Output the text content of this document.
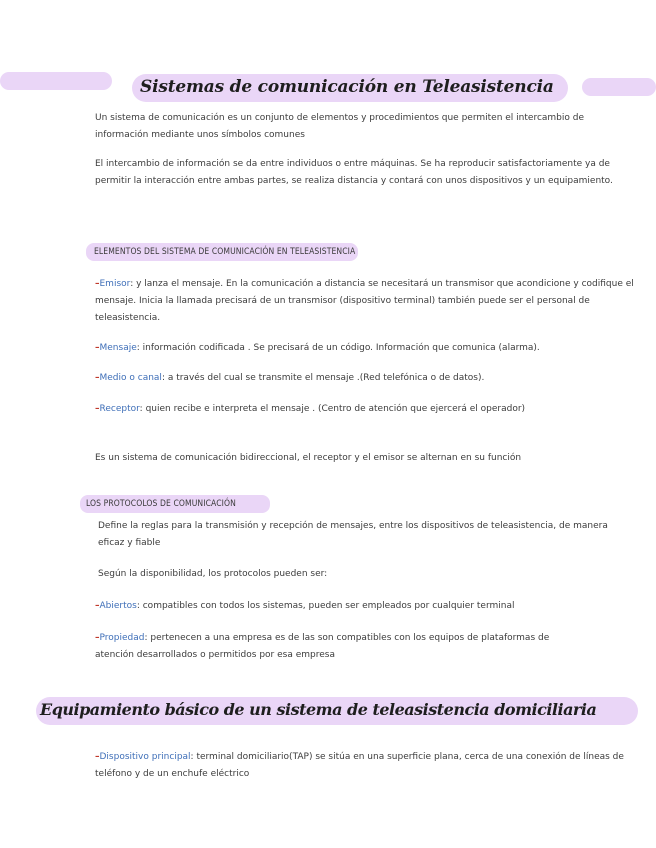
Sistemas de comunicación en Teleasistencia
Un sistema de comunicación es un conjunto de elementos y procedimientos que permiten el intercambio de información mediante unos símbolos comunes
El intercambio de información se da entre individuos o entre máquinas. Se ha reproducir satisfactoriamente ya de permitir la interacción entre ambas partes, se realiza distancia y contará con unos dispositivos y un equipamiento.
ELEMENTOS DEL SISTEMA DE COMUNICACIÓN EN TELEASISTENCIA
–Emisor: y lanza el mensaje. En la comunicación a distancia se necesitará un transmisor que acondicione y codifique el mensaje. Inicia la llamada precisará de un transmisor (dispositivo terminal) también puede ser el personal de teleasistencia.
–Mensaje: información codificada . Se precisará de un código. Información que comunica (alarma).
–Medio o canal: a través del cual se transmite el mensaje .(Red telefónica o de datos).
–Receptor: quien recibe e interpreta el mensaje . (Centro de atención que ejercerá el operador)
Es un sistema de comunicación bidireccional, el receptor y el emisor se alternan en su función
LOS PROTOCOLOS DE COMUNICACIÓN
Define la reglas para la transmisión y recepción de mensajes, entre los dispositivos de teleasistencia, de manera eficaz y fiable
Según la disponibilidad, los protocolos pueden ser:
–Abiertos: compatibles con todos los sistemas, pueden ser empleados por cualquier terminal
–Propiedad: pertenecen a una empresa es de las son compatibles con los equipos de plataformas de atención desarrollados o permitidos por esa empresa
Equipamiento básico de un sistema de teleasistencia domiciliaria
–Dispositivo principal: terminal domiciliario(TAP) se sitúa en una superficie plana, cerca de una conexión de líneas de teléfono y de un enchufe eléctrico
